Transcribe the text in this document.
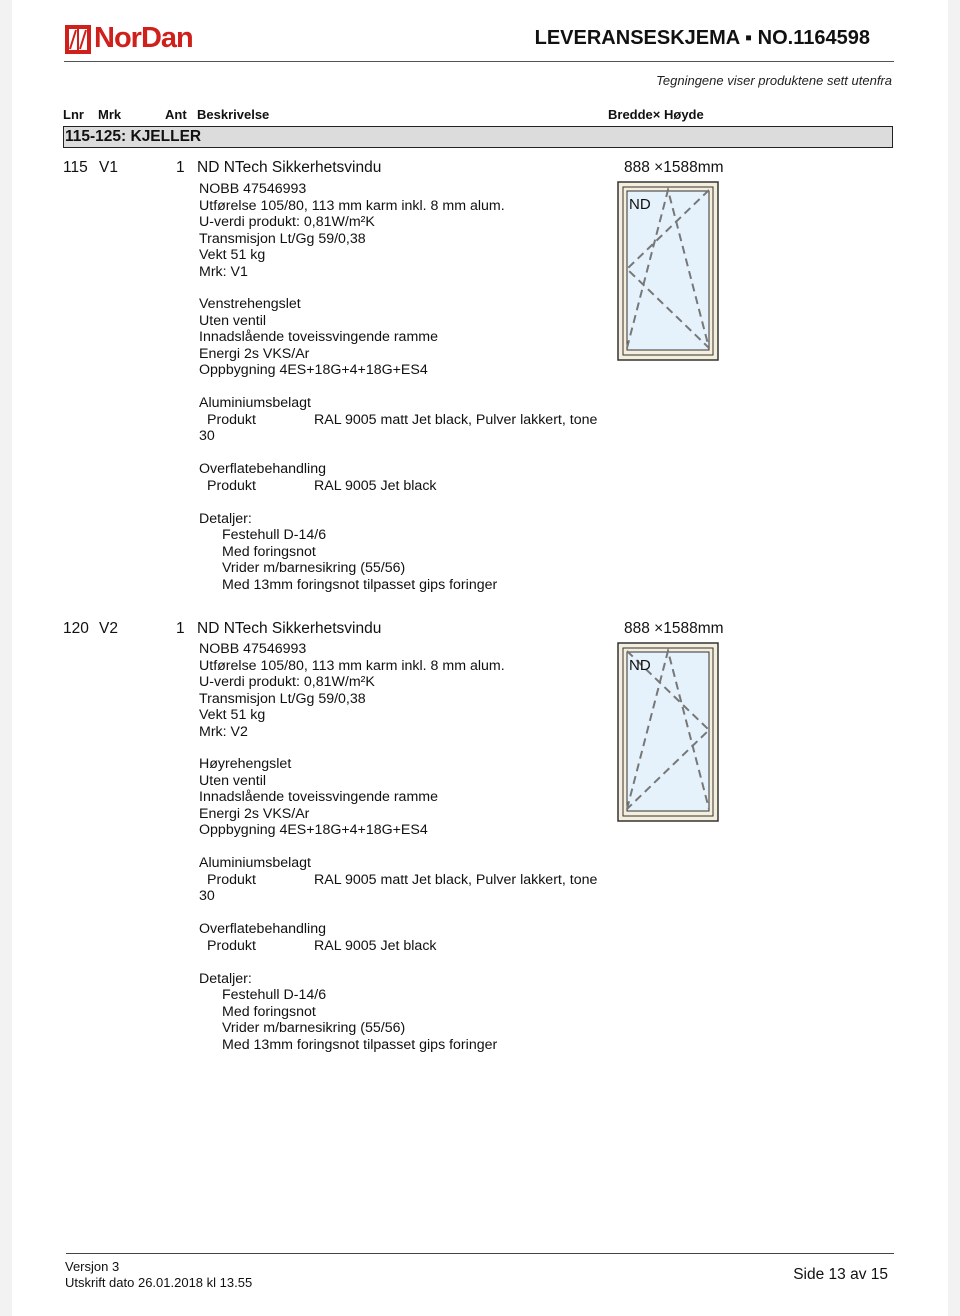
NorDan	LEVERANSESKJEMA ▪ NO.1164598
Tegningene viser produktene sett utenfra
Lnr Mrk	Ant Beskrivelse	Bredde× Høyde
115-125: KJELLER
115 V1	1 ND NTech Sikkerhetsvindu	888 ×1588mm
NOBB 47546993
Utførelse 105/80, 113 mm karm inkl. 8 mm alum.
U-verdi produkt: 0,81W/m²K
Transmisjon Lt/Gg 59/0,38
Vekt 51 kg
Mrk: V1
Venstrehengslet
Uten ventil
Innadslående toveissvingende ramme
Energi 2s VKS/Ar
Oppbygning 4ES+18G+4+18G+ES4
Aluminiumsbelagt
Produkt	RAL 9005 matt Jet black, Pulver lakkert, tone
30
Overflatebehandling
Produkt	RAL 9005 Jet black
Detaljer:
Festehull D-14/6
Med foringsnot
Vrider m/barnesikring (55/56)
Med 13mm foringsnot tilpasset gips foringer
ND
120 V2	1 ND NTech Sikkerhetsvindu	888 ×1588mm
NOBB 47546993
Utførelse 105/80, 113 mm karm inkl. 8 mm alum.
U-verdi produkt: 0,81W/m²K
Transmisjon Lt/Gg 59/0,38
Vekt 51 kg
Mrk: V2
Høyrehengslet
Uten ventil
Innadslående toveissvingende ramme
Energi 2s VKS/Ar
Oppbygning 4ES+18G+4+18G+ES4
Aluminiumsbelagt
Produkt	RAL 9005 matt Jet black, Pulver lakkert, tone
30
Overflatebehandling
Produkt	RAL 9005 Jet black
Detaljer:
Festehull D-14/6
Med foringsnot
Vrider m/barnesikring (55/56)
Med 13mm foringsnot tilpasset gips foringer
ND
Versjon 3
Utskrift dato 26.01.2018 kl 13.55	Side 13 av 15
